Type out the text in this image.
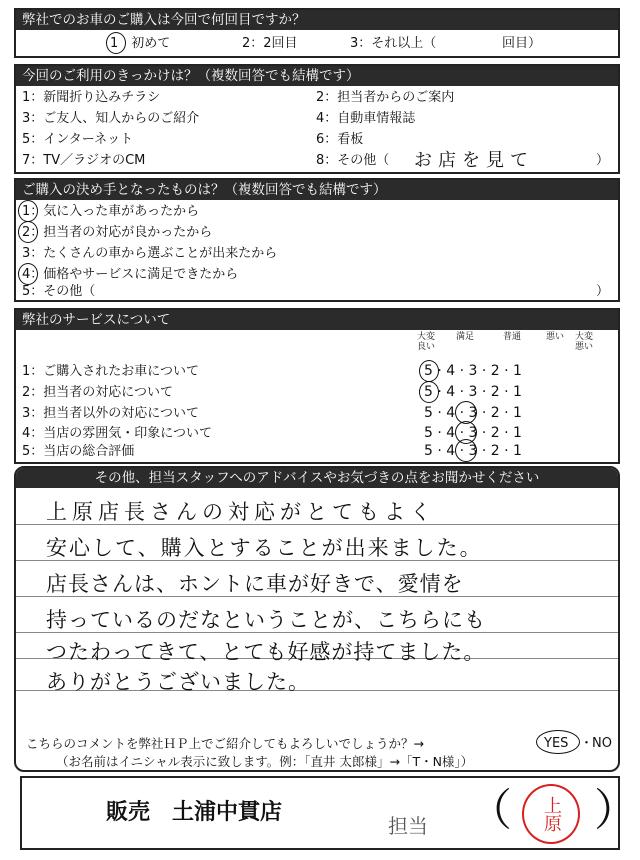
弊社でのお車のご購入は今回で何回目ですか？
1　初めて	2：2回目	3：それ以上（	回目）
今回のご利用のきっかけは？（複数回答でも結構です）
1：新聞折り込みチラシ	2：担当者からのご案内
3：ご友人、知人からのご紹介	4：自動車情報誌
5：インターネット	6：看板
7：TV／ラジオのCM	8：その他（ お店を見て	）
ご購入の決め手となったものは？（複数回答でも結構です）
1：気に入った車があったから
2：担当者の対応が良かったから
3：たくさんの車から選ぶことが出来たから
4：価格やサービスに満足できたから
5：その他（	）
弊社のサービスについて
大変良い
満足	普通	悪い	大変悪い
1：ご購入されたお車について	5 · 4 · 3 · 2 · 1
2：担当者の対応について	5 · 4 · 3 · 2 · 1
3：担当者以外の対応について	5 · 4 · 3 · 2 · 1
4：当店の雰囲気・印象について	5 · 4 · 3 · 2 · 1
5：当店の総合評価	5 · 4 · 3 · 2 · 1
その他、担当スタッフへのアドバイスやお気づきの点をお聞かせください
上原店長さんの対応がとてもよく
安心して、購入とすることが出来ました。
店長さんは、ホントに車が好きで、愛情を
持っているのだなということが、こちらにも
つたわってきて、とても好感が持てました。
ありがとうございました。
こちらのコメントを弊社ＨＰ上でご紹介してもよろしいでしょうか？→	YES ・
NO
（お名前はイニシャル表示に致します。例：「直井 太郎様」→「T・N様」）
販売　土浦中貫店
担当 （ 上原 ）
